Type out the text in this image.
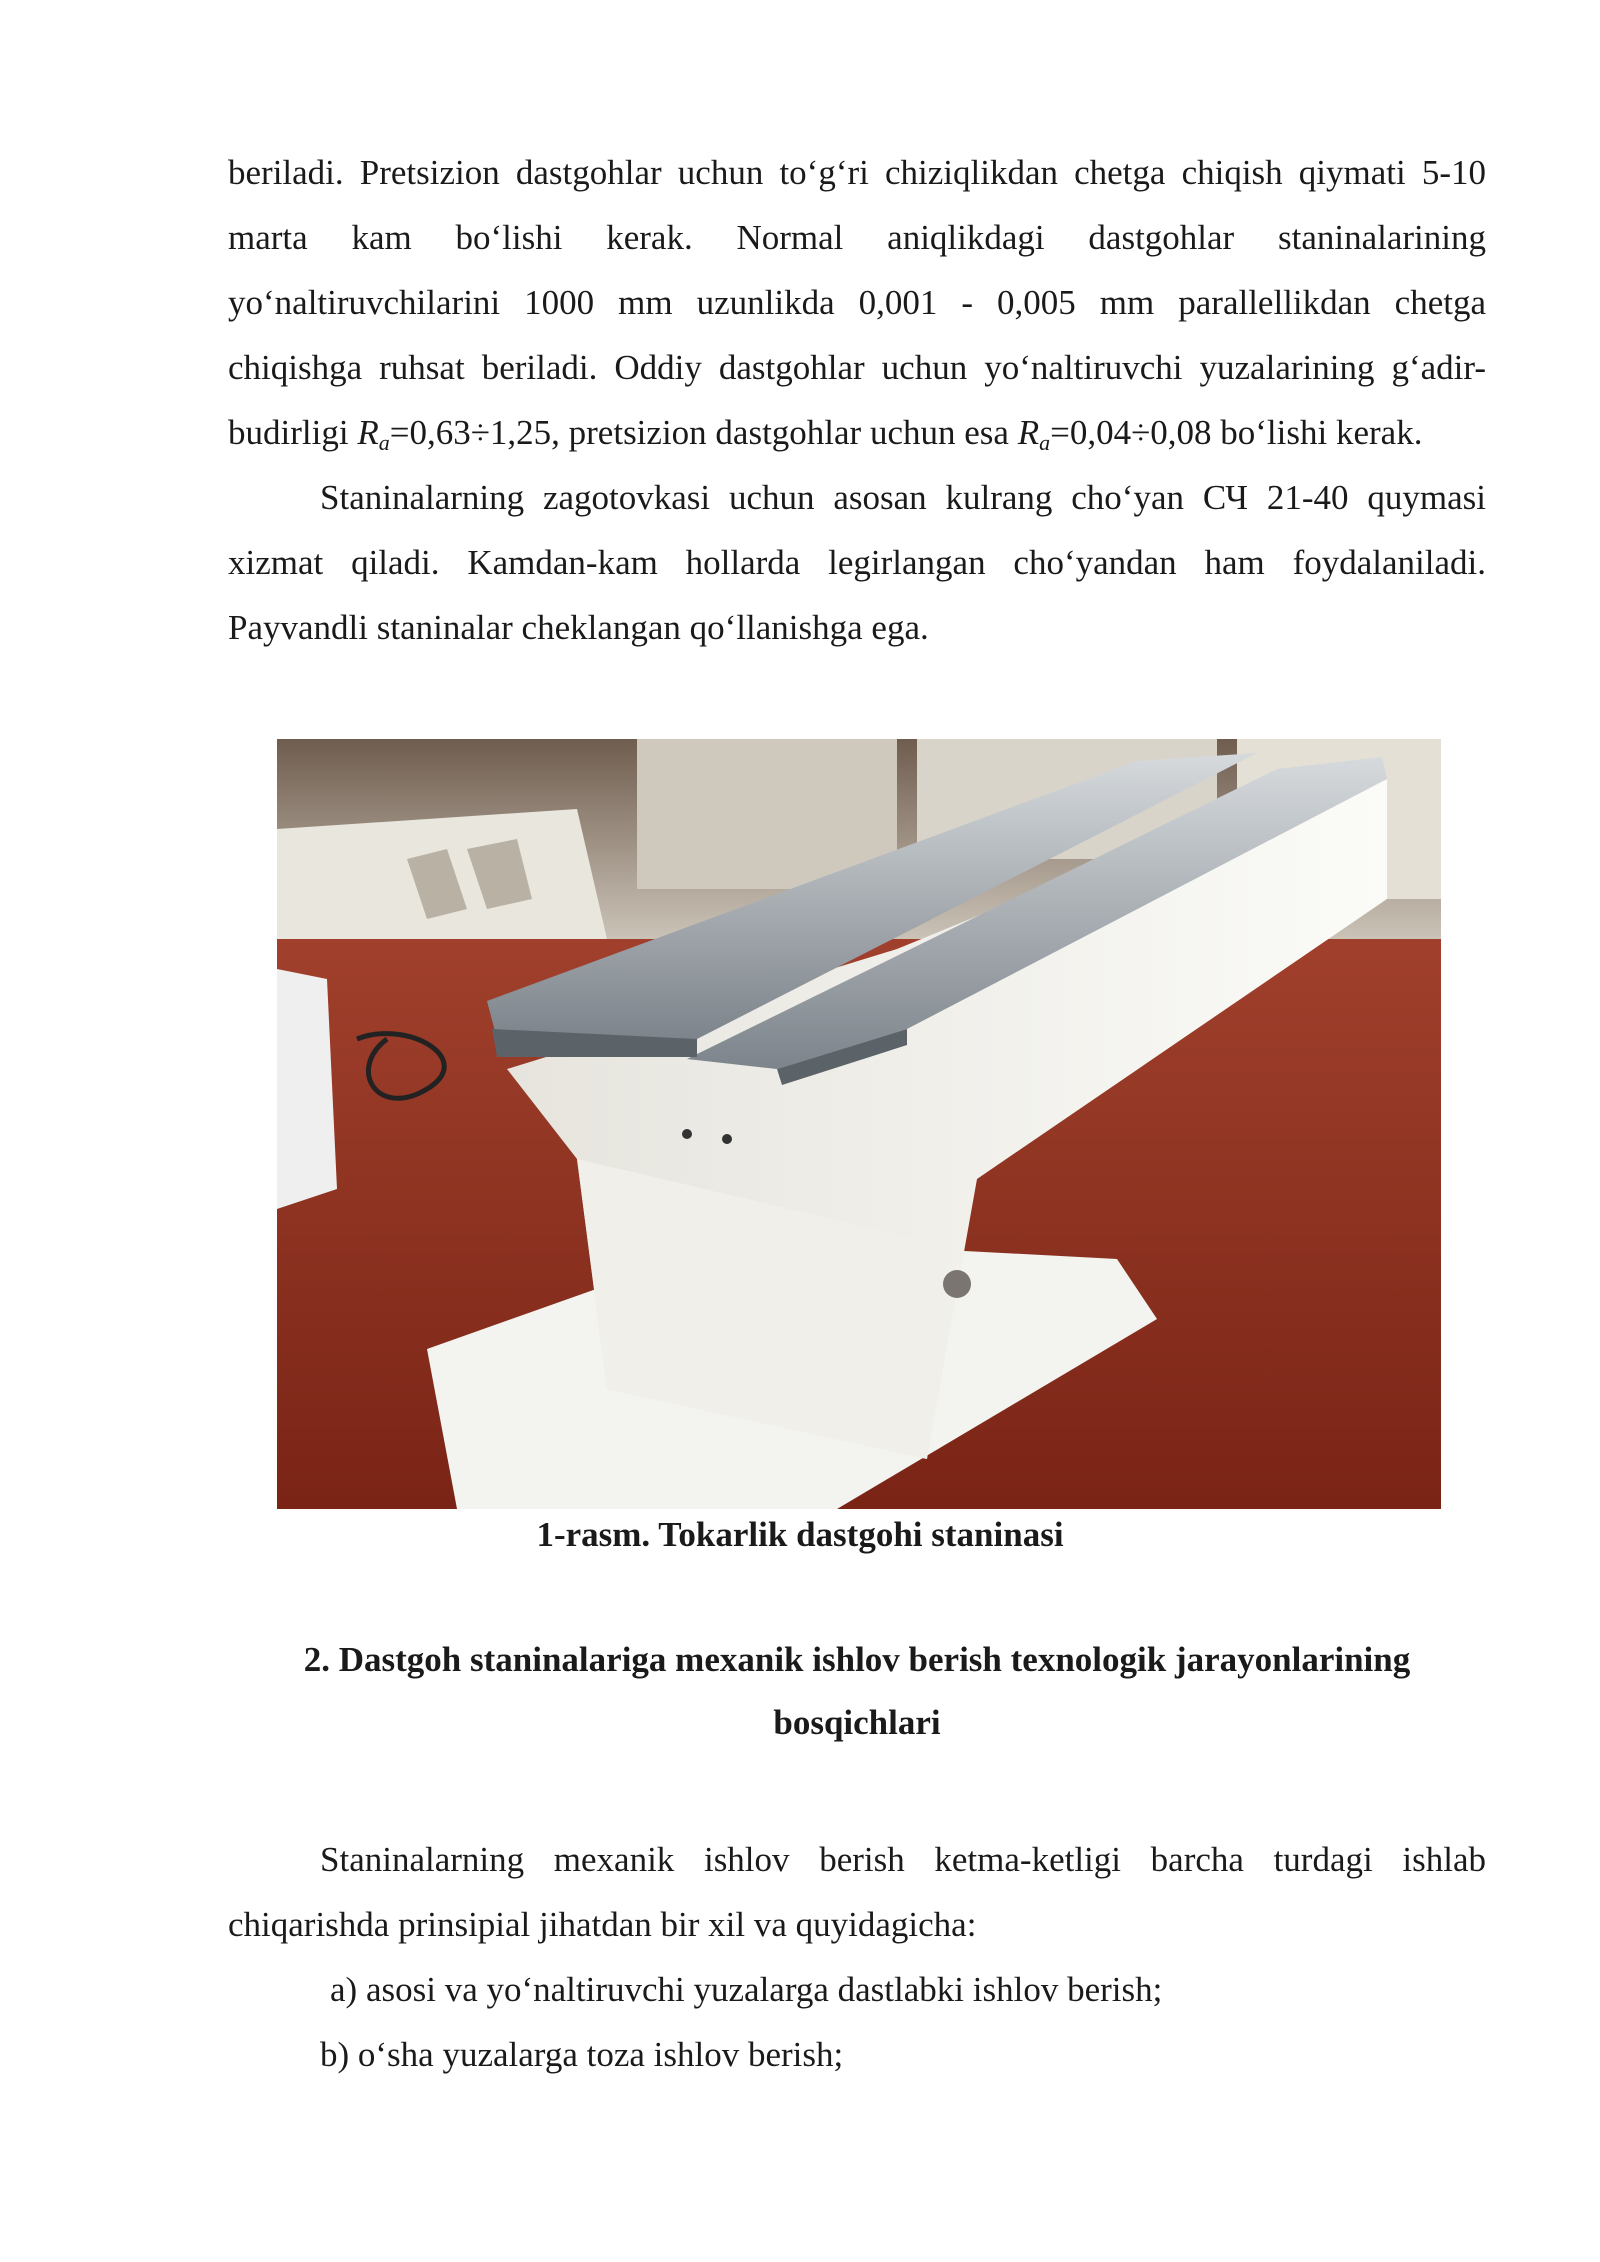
beriladi. Pretsizion dastgohlar uchun to‘g‘ri chiziqlikdan chetga chiqish qiymati 5-10 marta kam bo‘lishi kerak. Normal aniqlikdagi dastgohlar staninalarining yo‘naltiruvchilarini 1000 mm uzunlikda 0,001 - 0,005 mm parallellikdan chetga chiqishga ruhsat beriladi. Oddiy dastgohlar uchun yo‘naltiruvchi yuzalarining g‘adir-budirligi $R_a=0,63\div 1,25$, pretsizion dastgohlar uchun esa $R_a=0,04\div 0,08$ bo‘lishi kerak.

Staninalarning zagotovkasi uchun asosan kulrang cho‘yan СЧ 21-40 quymasi xizmat qiladi. Kamdan-kam hollarda legirlangan cho‘yandan ham foydalaniladi. Payvandli staninalar cheklangan qo‘llanishga ega.

1-rasm. Tokarlik dastgohi staninasi
2. Dastgoh staninalariga mexanik ishlov berish texnologik jarayonlarining bosqichlari

Staninalarning mexanik ishlov berish ketma-ketligi barcha turdagi ishlab chiqarishda prinsipial jihatdan bir xil va quyidagicha:

a) asosi va yo‘naltiruvchi yuzalarga dastlabki ishlov berish;

b) o‘sha yuzalarga toza ishlov berish;
